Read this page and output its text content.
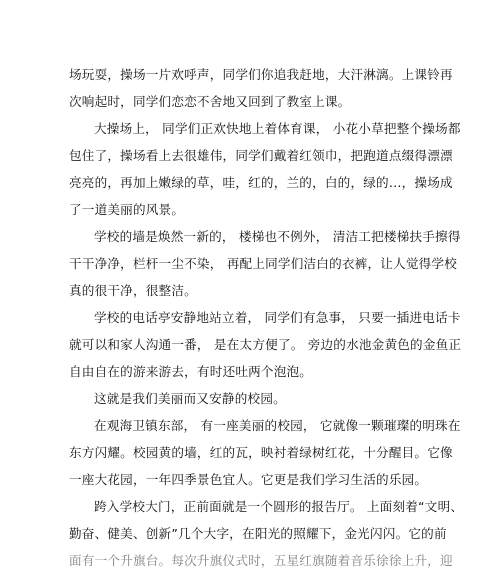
场玩耍，操场一片欢呼声，同学们你追我赶地，大汗淋漓。上课铃再
次响起时，同学们恋恋不舍地又回到了教室上课。
大操场上， 同学们正欢快地上着体育课， 小花小草把整个操场都
包住了，操场看上去很雄伟，同学们戴着红领巾，把跑道点缀得漂漂
亮亮的，再加上嫩绿的草，哇，红的，兰的，白的，绿的…，操场成
了一道美丽的风景。
学校的墙是焕然一新的， 楼梯也不例外， 清洁工把楼梯扶手擦得
干干净净，栏杆一尘不染， 再配上同学们洁白的衣裤，让人觉得学校
真的很干净，很整洁。
学校的电话亭安静地站立着， 同学们有急事， 只要一插进电话卡
就可以和家人沟通一番， 是在太方便了。 旁边的水池金黄色的金鱼正
自由自在的游来游去，有时还吐两个泡泡。
这就是我们美丽而又安静的校园。
在观海卫镇东部， 有一座美丽的校园， 它就像一颗璀璨的明珠在
东方闪耀。校园黄的墙，红的瓦，映衬着绿树红花，十分醒目。它像
一座大花园，一年四季景色宜人。它更是我们学习生活的乐园。
跨入学校大门，正前面就是一个圆形的报告厅。 上面刻着“文明、
勤奋、健美、创新”几个大字，在阳光的照耀下，金光闪闪。它的前
面有一个升旗台。每次升旗仪式时，五星红旗随着音乐徐徐上升，迎
